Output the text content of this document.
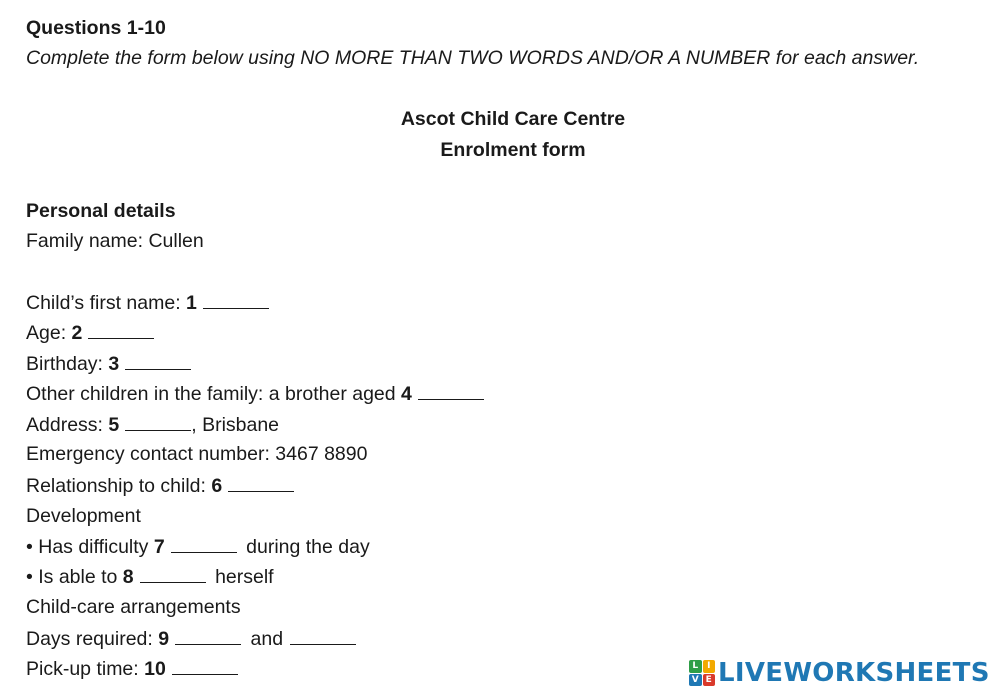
Questions 1-10
Complete the form below using NO MORE THAN TWO WORDS AND/OR A NUMBER for each answer.
Ascot Child Care Centre
Enrolment form
Personal details
Family name: Cullen
Child’s first name: 1
Age: 2
Birthday: 3
Other children in the family: a brother aged 4
Address: 5	, Brisbane
Emergency contact number: 3467 8890
Relationship to child: 6
Development
• Has difficulty 7	during the day
• Is able to 8	herself
Child-care arrangements
Days required: 9	and
Pick-up time: 10	L I
V E LIVEWORKSHEETS
